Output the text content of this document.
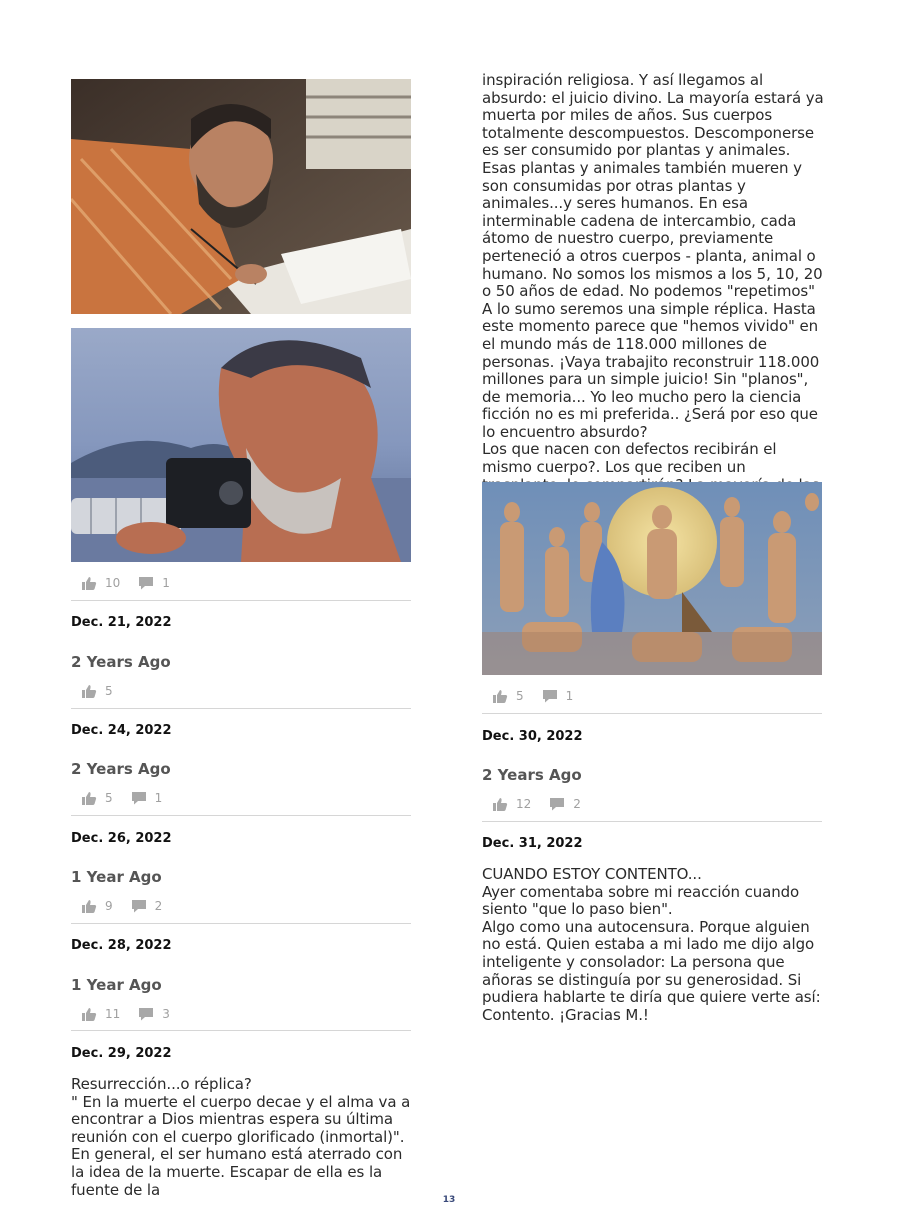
10	1
Dec. 21, 2022
2 Years Ago
5
Dec. 24, 2022
2 Years Ago
5	1
Dec. 26, 2022
1 Year Ago
9	2
Dec. 28, 2022
1 Year Ago
11	3
Dec. 29, 2022
Resurrección...o réplica?
" En la muerte el cuerpo decae y el alma va a encontrar a Dios mientras espera su última reunión con el cuerpo glorificado (inmortal)". En general, el ser humano está aterrado con la idea de la muerte. Escapar de ella es la fuente de la
inspiración religiosa. Y así llegamos al absurdo: el juicio divino. La mayoría estará ya muerta por miles de años. Sus cuerpos totalmente descompuestos. Descomponerse es ser consumido por plantas y animales. Esas plantas y animales también mueren y son consumidas por otras plantas y animales...y seres humanos. En esa interminable cadena de intercambio, cada átomo de nuestro cuerpo, previamente perteneció a otros cuerpos - planta, animal o humano. No somos los mismos a los 5, 10, 20 o 50 años de edad. No podemos "repetimos" A lo sumo seremos una simple réplica. Hasta este momento parece que "hemos vivido" en el mundo más de 118.000 millones de personas. ¡Vaya trabajito reconstruir 118.000 millones para un simple juicio! Sin "planos", de memoria... Yo leo mucho pero la ciencia ficción no es mi preferida.. ¿Será por eso que lo encuentro absurdo?
Los que nacen con defectos recibirán el mismo cuerpo?. Los que reciben un
5	1
Dec. 30, 2022
2 Years Ago
12	2
Dec. 31, 2022
CUANDO ESTOY CONTENTO...
Ayer comentaba sobre mi reacción cuando siento "que lo paso bien".
Algo como una autocensura. Porque alguien no está. Quien estaba a mi lado me dijo algo inteligente y consolador: La persona que añoras se distinguía por su generosidad. Si pudiera hablarte te diría que quiere verte así: Contento. ¡Gracias M.!
13
